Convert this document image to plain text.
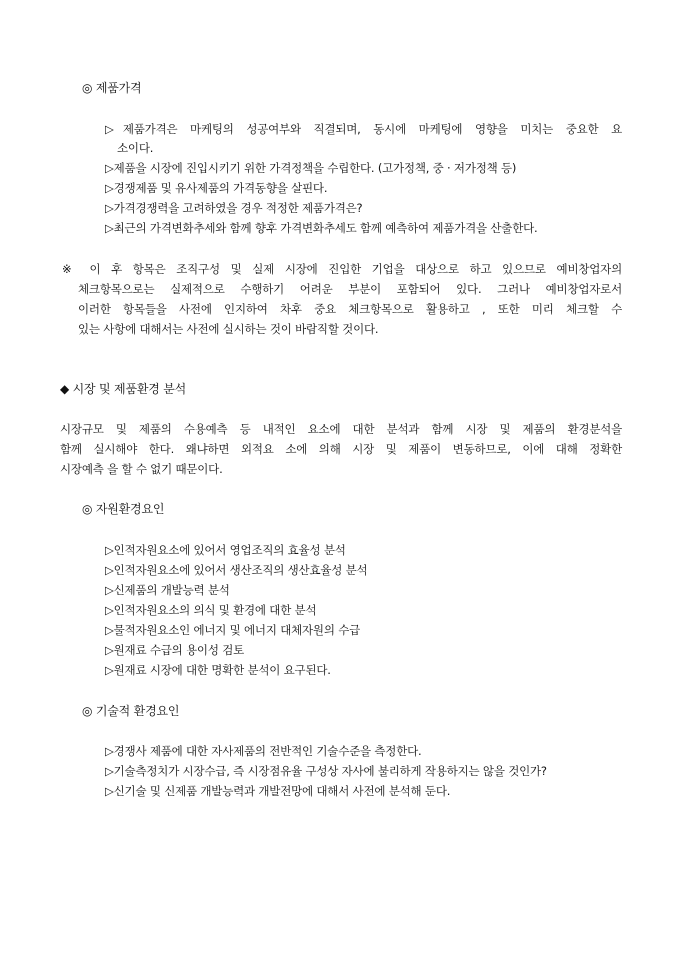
◎ 제품가격
▷제품가격은 마케팅의 성공여부와 직결되며, 동시에 마케팅에 영향을 미치는 중요한 요
소이다.
▷제품을 시장에 진입시키기 위한 가격정책을 수립한다. (고가정책, 중 · 저가정책 등)
▷경쟁제품 및 유사제품의 가격동향을 살핀다.
▷가격경쟁력을 고려하였을 경우 적정한 제품가격은?
▷최근의 가격변화추세와 함께 향후 가격변화추세도 함께 예측하여 제품가격을 산출한다.
※ 이 후 항목은 조직구성 및 실제 시장에 진입한 기업을 대상으로 하고 있으므로 예비창업자의
체크항목으로는 실제적으로 수행하기 어려운 부분이 포함되어 있다. 그러나 예비창업자로서
이러한 항목들을 사전에 인지하여 차후 중요 체크항목으로 활용하고 , 또한 미리 체크할 수
있는 사항에 대해서는 사전에 실시하는 것이 바람직할 것이다.
◆ 시장 및 제품환경 분석
시장규모 및 제품의 수용예측 등 내적인 요소에 대한 분석과 함께 시장 및 제품의 환경분석을
함께 실시해야 한다. 왜냐하면 외적요 소에 의해 시장 및 제품이 변동하므로, 이에 대해 정확한
시장예측 을 할 수 없기 때문이다.
◎ 자원환경요인
▷인적자원요소에 있어서 영업조직의 효율성 분석
▷인적자원요소에 있어서 생산조직의 생산효율성 분석
▷신제품의 개발능력 분석
▷인적자원요소의 의식 및 환경에 대한 분석
▷물적자원요소인 에너지 및 에너지 대체자원의 수급
▷원재료 수급의 용이성 검토
▷원재료 시장에 대한 명확한 분석이 요구된다.
◎ 기술적 환경요인
▷경쟁사 제품에 대한 자사제품의 전반적인 기술수준을 측정한다.
▷기술측정치가 시장수급, 즉 시장점유율 구성상 자사에 불리하게 작용하지는 않을 것인가?
▷신기술 및 신제품 개발능력과 개발전망에 대해서 사전에 분석해 둔다.
